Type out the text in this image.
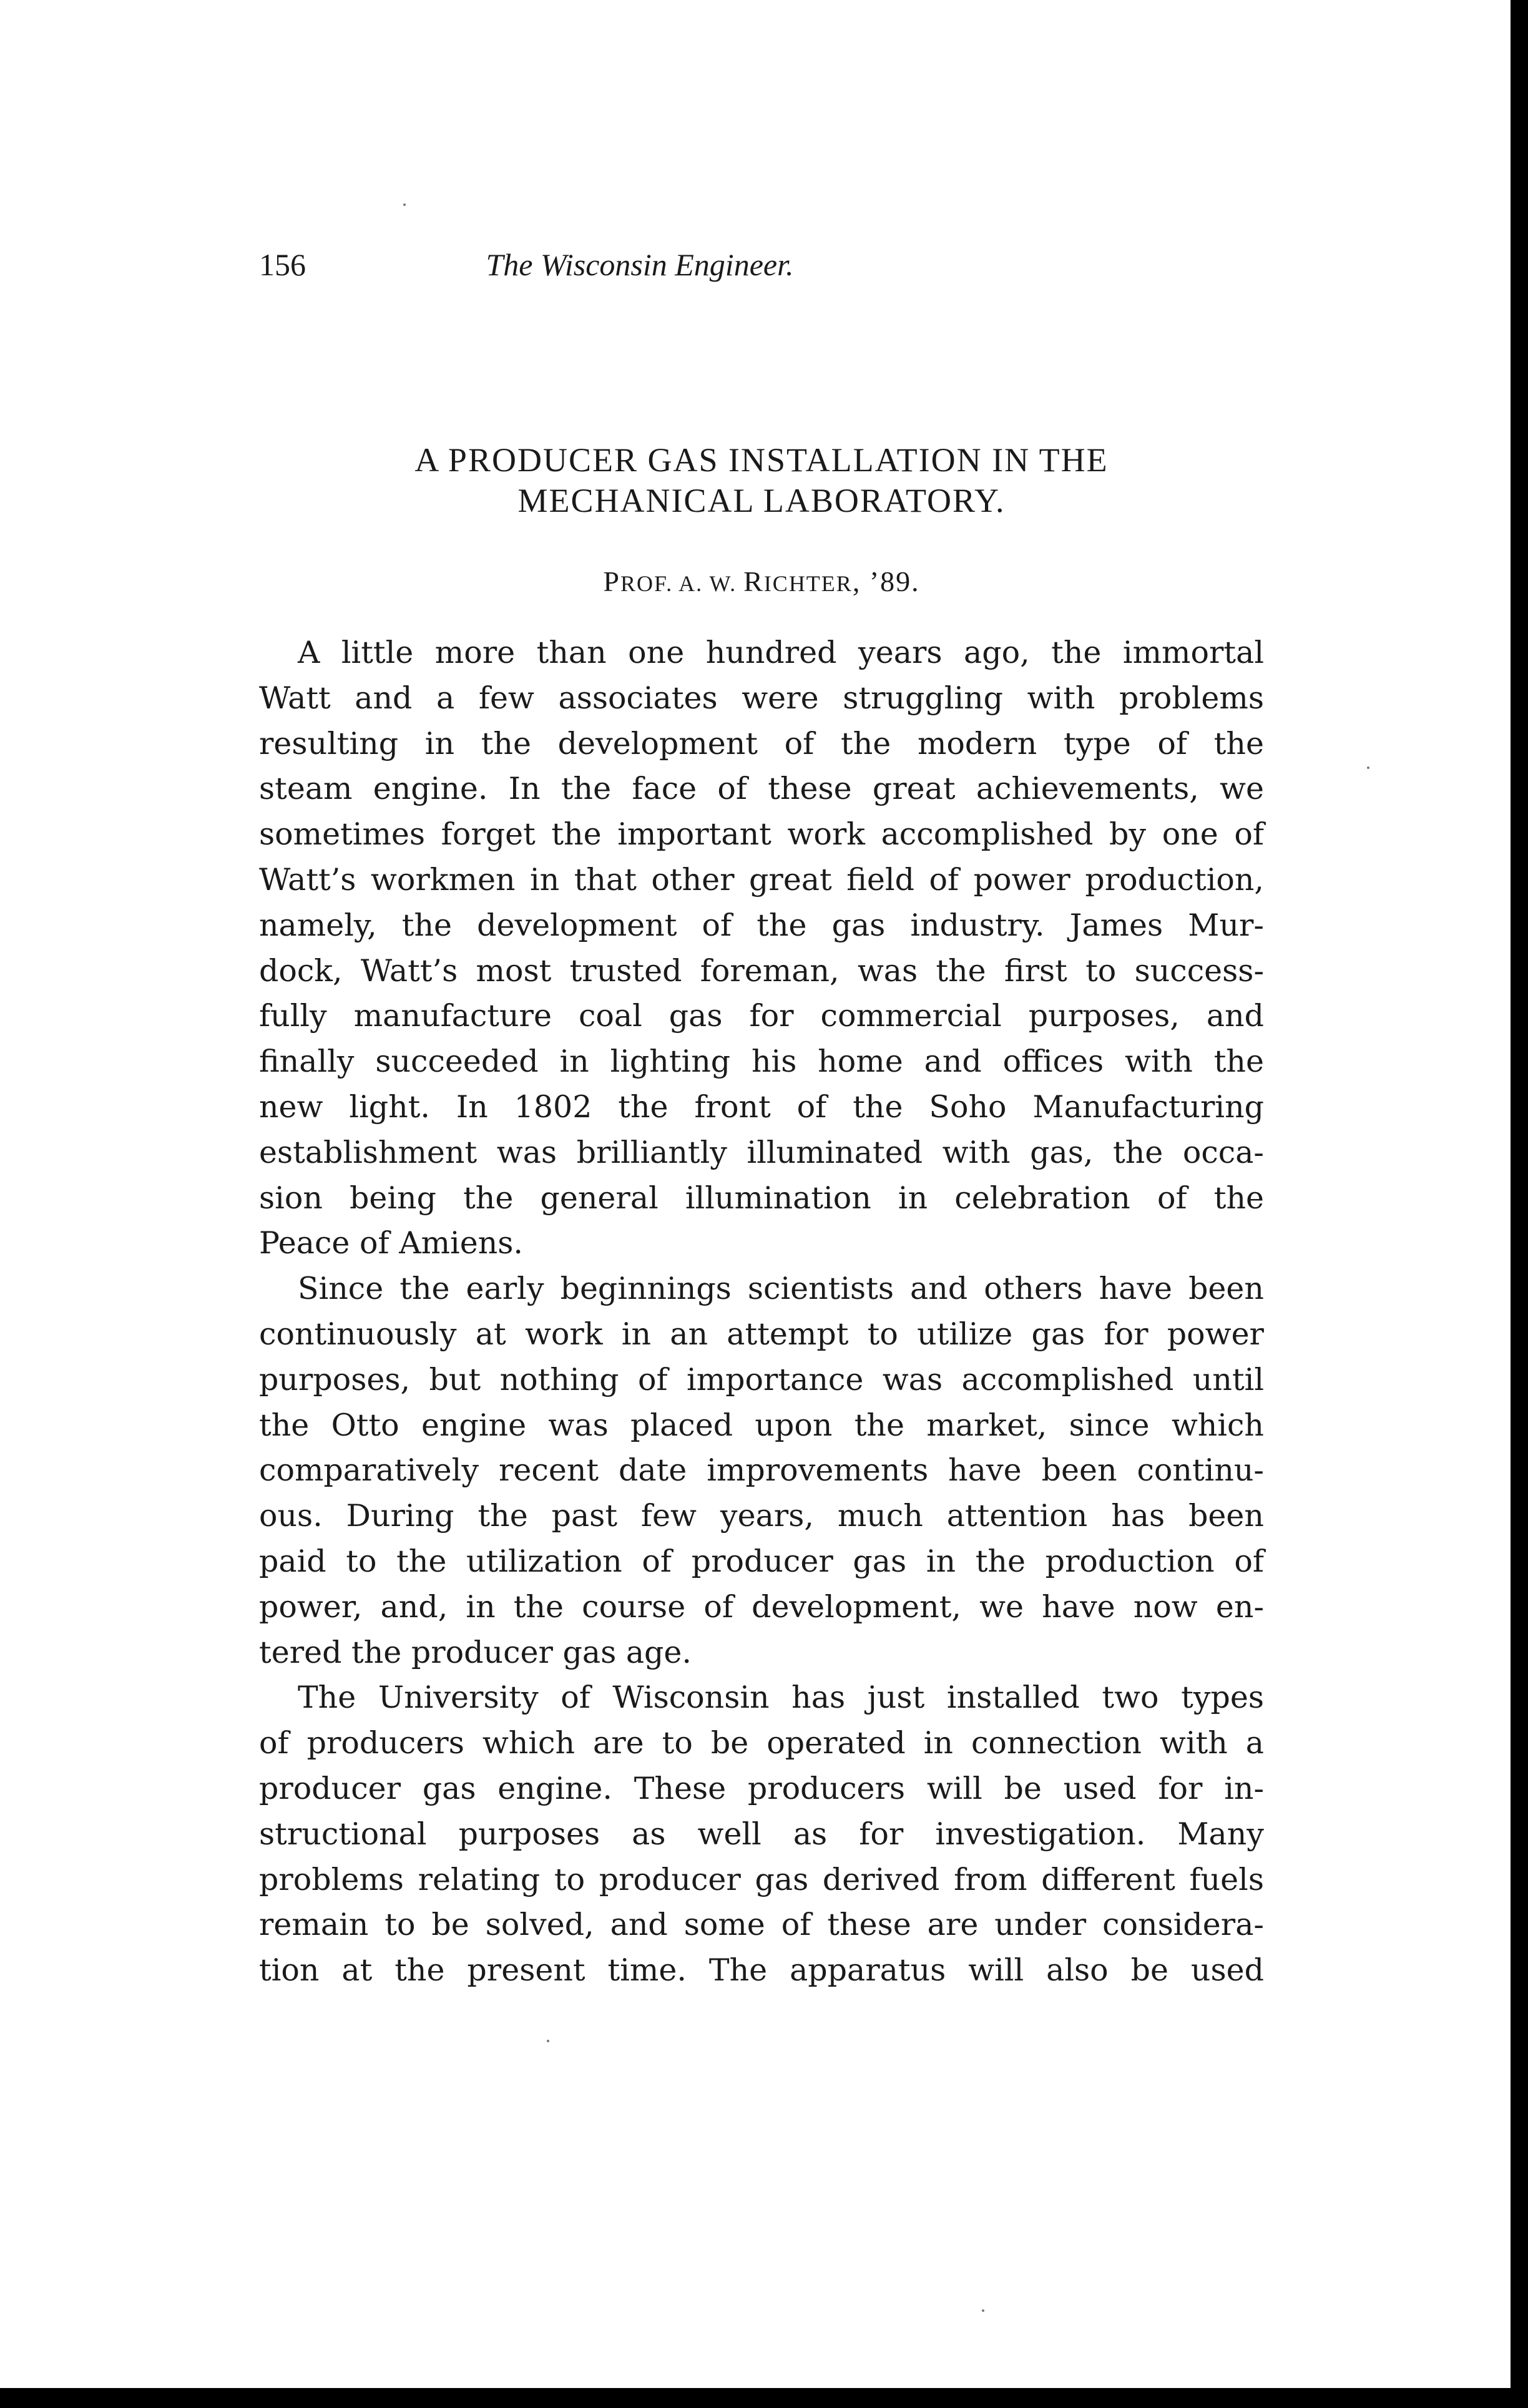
156	The Wisconsin Engineer.
A PRODUCER GAS INSTALLATION IN THE
MECHANICAL LABORATORY.
PROF. A. W. RICHTER, ’89.
A little more than one hundred years ago, the immortal
Watt and a few associates were struggling with problems
resulting in the development of the modern type of the
steam engine. In the face of these great achievements, we
sometimes forget the important work accomplished by one of
Watt’s workmen in that other great field of power production,
namely, the development of the gas industry. James Mur-
dock, Watt’s most trusted foreman, was the first to success-
fully manufacture coal gas for commercial purposes, and
finally succeeded in lighting his home and offices with the
new light. In 1802 the front of the Soho Manufacturing
establishment was brilliantly illuminated with gas, the occa-
sion being the general illumination in celebration of the
Peace of Amiens.
Since the early beginnings scientists and others have been
continuously at work in an attempt to utilize gas for power
purposes, but nothing of importance was accomplished until
the Otto engine was placed upon the market, since which
comparatively recent date improvements have been continu-
ous. During the past few years, much attention has been
paid to the utilization of producer gas in the production of
power, and, in the course of development, we have now en-
tered the producer gas age.
The University of Wisconsin has just installed two types
of producers which are to be operated in connection with a
producer gas engine. These producers will be used for in-
structional purposes as well as for investigation. Many
problems relating to producer gas derived from different fuels
remain to be solved, and some of these are under considera-
tion at the present time. The apparatus will also be used
